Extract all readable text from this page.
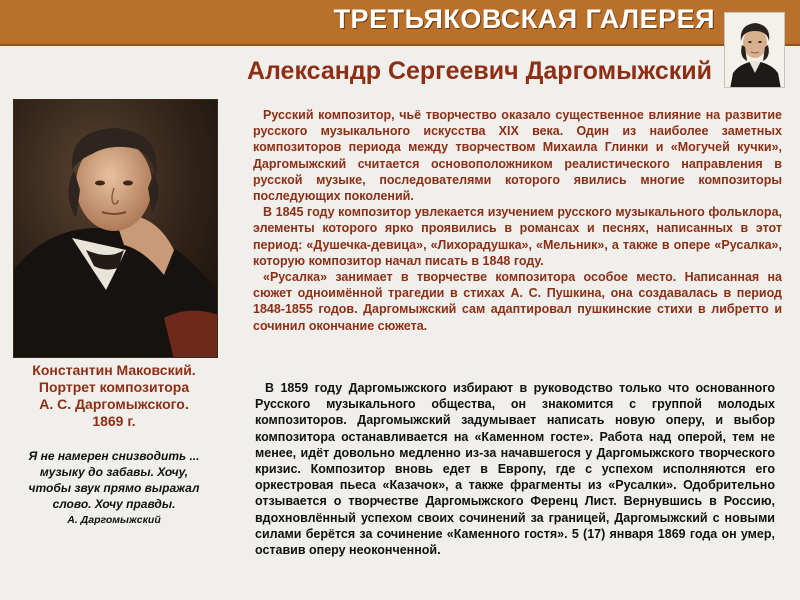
ТРЕТЬЯКОВСКАЯ ГАЛЕРЕЯ
Александр Сергеевич Даргомыжский
Константин Маковский.
Портрет композитора
А. С. Даргомыжского.
1869 г.
Я не намерен снизводить ...
музыку до забавы. Хочу,
чтобы звук прямо выражал
слово. Хочу правды.
А. Даргомыжский

Русский композитор, чьё творчество оказало существенное влияние на развитие русского музыкального искусства XIX века. Один из наиболее заметных композиторов периода между творчеством Михаила Глинки и «Могучей кучки», Даргомыжский считается основоположником реалистического направления в русской музыке, последователями которого явились многие композиторы последующих поколений.

В 1845 году композитор увлекается изучением русского музыкального фольклора, элементы которого ярко проявились в романсах и песнях, написанных в этот период: «Душечка-девица», «Лихорадушка», «Мельник», а также в опере «Русалка», которую композитор начал писать в 1848 году.

«Русалка» занимает в творчестве композитора особое место. Написанная на сюжет одноимённой трагедии в стихах А. С. Пушкина, она создавалась в период 1848-1855 годов. Даргомыжский сам адаптировал пушкинские стихи в либретто и сочинил окончание сюжета.

В 1859 году Даргомыжского избирают в руководство только что основанного Русского музыкального общества, он знакомится с группой молодых композиторов. Даргомыжский задумывает написать новую оперу, и выбор композитора останавливается на «Каменном госте». Работа над оперой, тем не менее, идёт довольно медленно из-за начавшегося у Даргомыжского творческого кризис. Композитор вновь едет в Европу, где с успехом исполняются его оркестровая пьеса «Казачок», а также фрагменты из «Русалки». Одобрительно отзывается о творчестве Даргомыжского Ференц Лист. Вернувшись в Россию, вдохновлённый успехом своих сочинений за границей, Даргомыжский с новыми силами берётся за сочинение «Каменного гостя». 5 (17) января 1869 года он умер, оставив оперу неоконченной.
